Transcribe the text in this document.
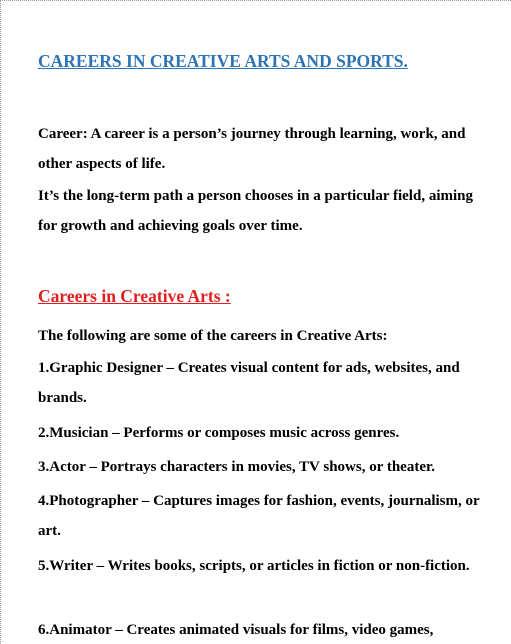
CAREERS IN CREATIVE ARTS AND SPORTS.

Career: A career is a person’s journey through learning, work, and other aspects of life.

It’s the long-term path a person chooses in a particular field, aiming for growth and achieving goals over time.

Careers in Creative Arts :

The following are some of the careers in Creative Arts:

1.Graphic Designer – Creates visual content for ads, websites, and brands.

2.Musician – Performs or composes music across genres.

3.Actor – Portrays characters in movies, TV shows, or theater.

4.Photographer – Captures images for fashion, events, journalism, or art.

5.Writer – Writes books, scripts, or articles in fiction or non-fiction.

6.Animator – Creates animated visuals for films, video games,
